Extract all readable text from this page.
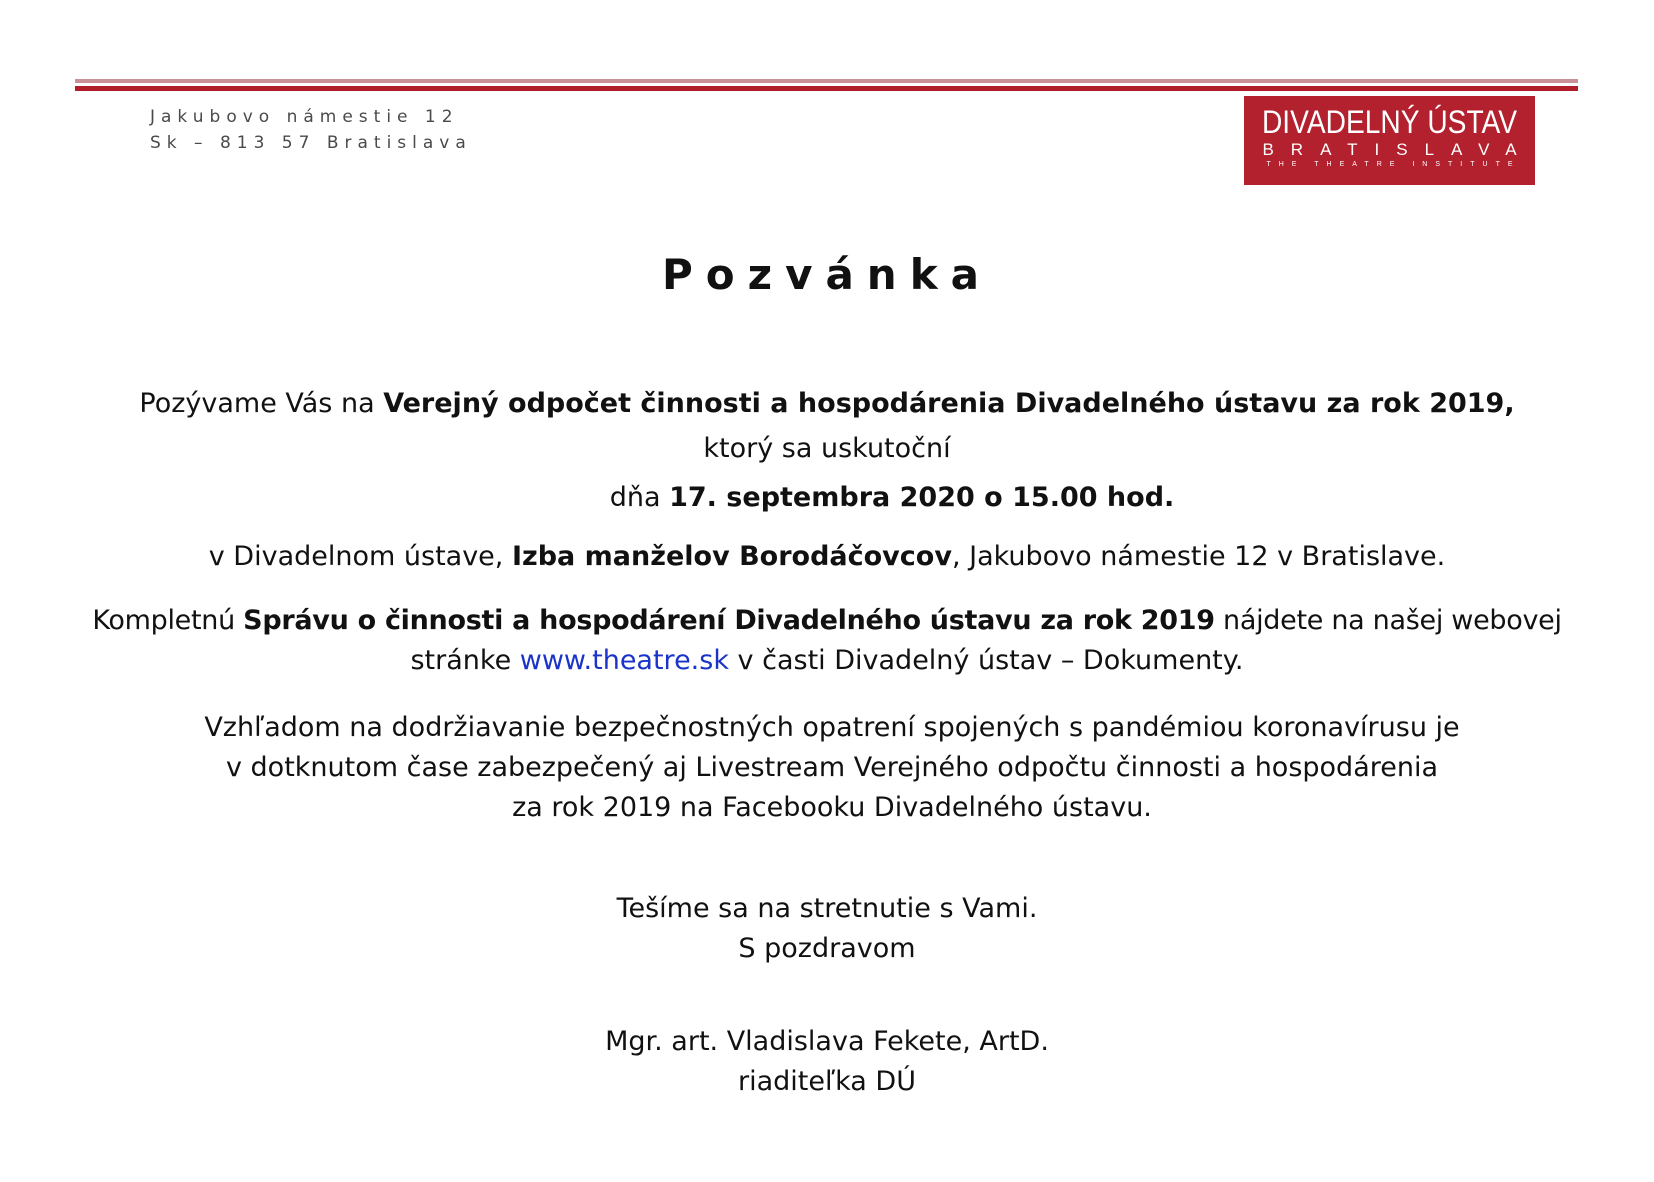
Jakubovo námestie 12
Sk – 813 57 Bratislava
DIVADELNÝ ÚSTAV
BRATISLAVA
THE THEATRE INSTITUTE
Pozvánka
Pozývame Vás na Verejný odpočet činnosti a hospodárenia Divadelného ústavu za rok 2019,
ktorý sa uskutoční
dňa 17. septembra 2020 o 15.00 hod.
v Divadelnom ústave, Izba manželov Borodáčovcov, Jakubovo námestie 12 v Bratislave.
Kompletnú Správu o činnosti a hospodárení Divadelného ústavu za rok 2019 nájdete na našej webovej
stránke www.theatre.sk v časti Divadelný ústav – Dokumenty.
Vzhľadom na dodržiavanie bezpečnostných opatrení spojených s pandémiou koronavírusu je
v dotknutom čase zabezpečený aj Livestream Verejného odpočtu činnosti a hospodárenia
za rok 2019 na Facebooku Divadelného ústavu.
Tešíme sa na stretnutie s Vami.
S pozdravom
Mgr. art. Vladislava Fekete, ArtD.
riaditeľka DÚ
